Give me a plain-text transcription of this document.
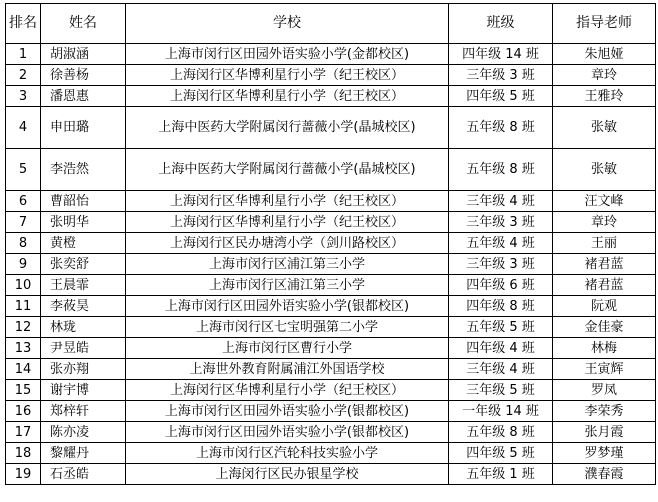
排名	姓名	学校	班级	指导老师
1	胡淑涵	上海市闵行区田园外语实验小学(金都校区)	四年级 14 班	朱旭娅
2	徐善杨	上海闵行区华博利星行小学（纪王校区）	三年级 3 班	章玲
3	潘恩惠	上海闵行区华博利星行小学（纪王校区）	四年级 5 班	王雅玲
4	申田璐	上海中医药大学附属闵行蔷薇小学(晶城校区)	五年级 8 班	张敏
5	李浩然	上海中医药大学附属闵行蔷薇小学(晶城校区)	五年级 8 班	张敏
6	曹韶怡	上海闵行区华博利星行小学（纪王校区）	三年级 4 班	汪文峰
7	张明华	上海闵行区华博利星行小学（纪王校区）	三年级 3 班	章玲
8	黄橙	上海闵行区民办塘湾小学（剑川路校区）	五年级 4 班	王丽
9	张奕舒	上海市闵行区浦江第三小学	三年级 3 班	褚君蓝
10	王晨霏	上海市闵行区浦江第三小学	四年级 6 班	褚君蓝
11	李莜昊	上海市闵行区田园外语实验小学(银都校区)	四年级 8 班	阮观
12	林珑	上海市闵行区七宝明强第二小学	五年级 5 班	金佳豪
13	尹昱皓	上海市闵行区曹行小学	四年级 4 班	林梅
14	张亦翔	上海世外教育附属浦江外国语学校	三年级 4 班	王寅辉
15	谢宇博	上海闵行区华博利星行小学（纪王校区）	三年级 5 班	罗凤
16	郑梓轩	上海市闵行区田园外语实验小学(银都校区)	一年级 14 班	李荣秀
17	陈亦凌	上海市闵行区田园外语实验小学(银都校区)	五年级 8 班	张月霞
18	黎耀丹	上海市闵行区汽轮科技实验小学	四年级 5 班	罗梦瑾
19	石丞皓	上海闵行区民办银星学校	五年级 1 班	濮春霞
